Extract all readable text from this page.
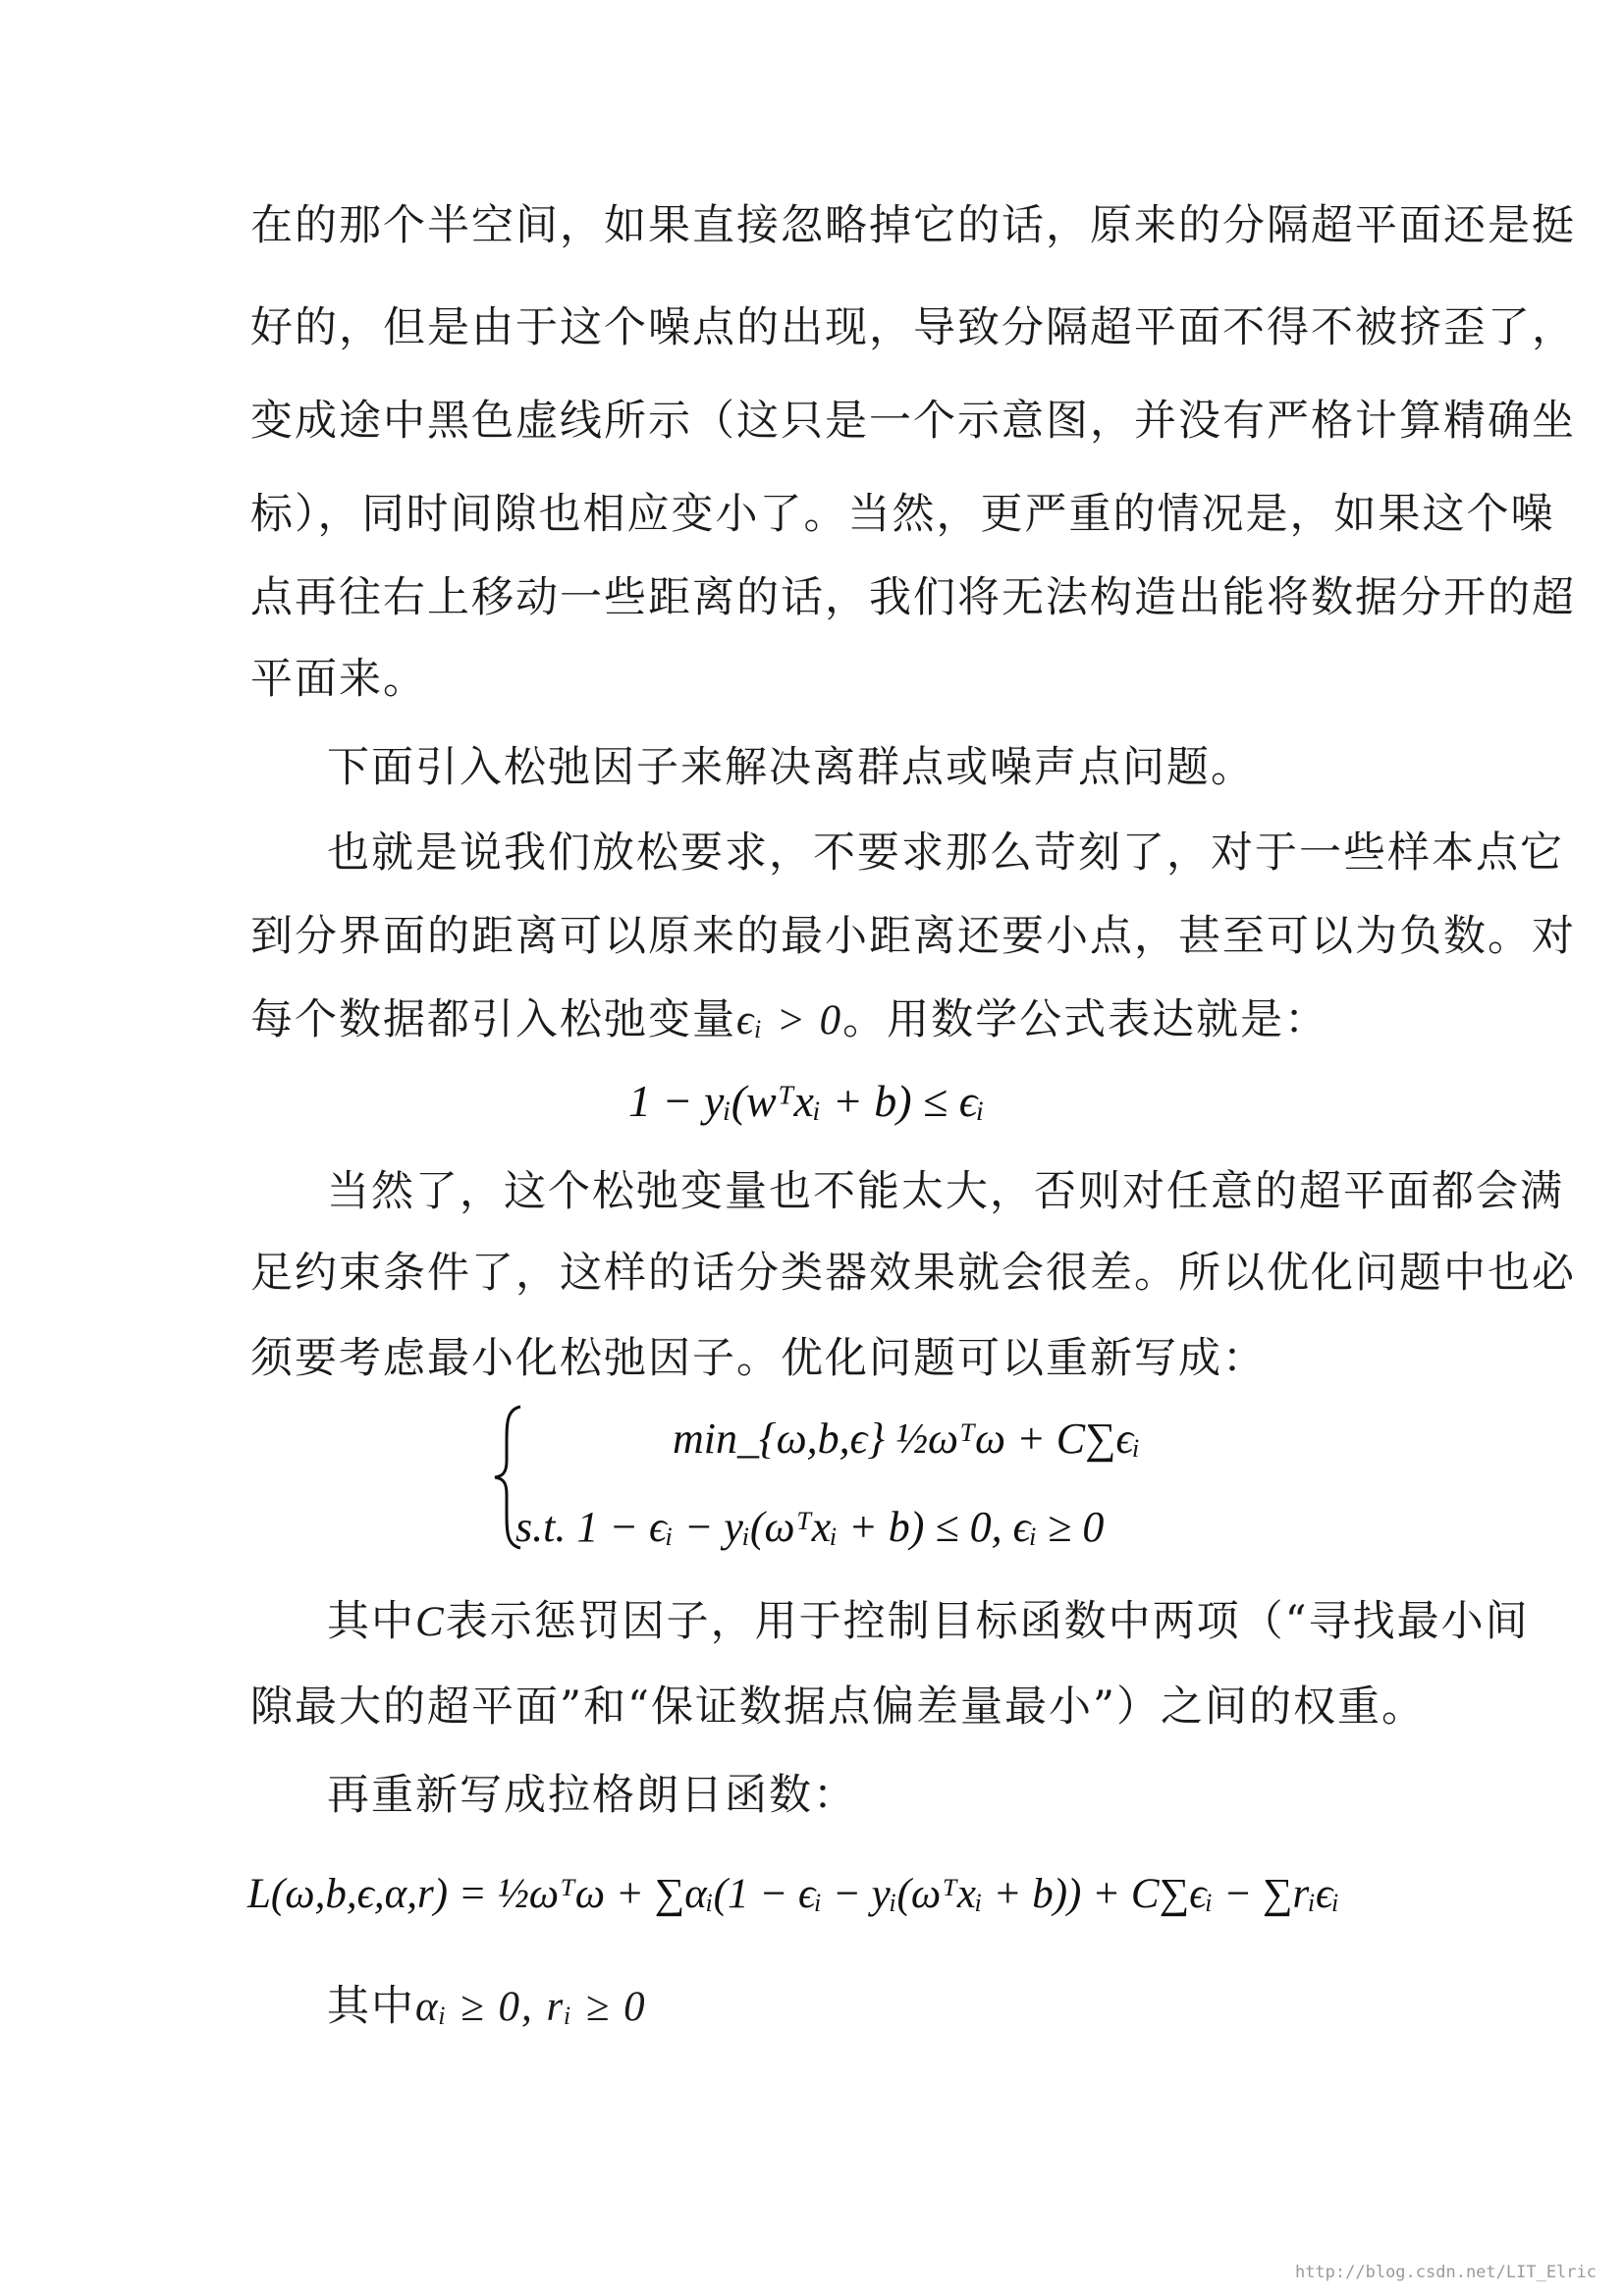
在的那个半空间，如果直接忽略掉它的话，原来的分隔超平面还是挺
好的，但是由于这个噪点的出现，导致分隔超平面不得不被挤歪了，
变成途中黑色虚线所示（这只是一个示意图，并没有严格计算精确坐
标），同时间隙也相应变小了。当然，更严重的情况是，如果这个噪
点再往右上移动一些距离的话，我们将无法构造出能将数据分开的超
平面来。
下面引入松弛因子来解决离群点或噪声点问题。
也就是说我们放松要求，不要求那么苛刻了，对于一些样本点它
到分界面的距离可以原来的最小距离还要小点，甚至可以为负数。对
每个数据都引入松弛变量ϵᵢ > 0。用数学公式表达就是：
1 − yᵢ(wᵀxᵢ + b) ≤ ϵᵢ
当然了，这个松弛变量也不能太大，否则对任意的超平面都会满
足约束条件了，这样的话分类器效果就会很差。所以优化问题中也必
须要考虑最小化松弛因子。优化问题可以重新写成：
min_{ω,b,ϵ} ½ωᵀω + C∑ϵᵢ
s.t. 1 − ϵᵢ − yᵢ(ωᵀxᵢ + b) ≤ 0, ϵᵢ ≥ 0
其中C表示惩罚因子，用于控制目标函数中两项（“寻找最小间
隙最大的超平面”和“保证数据点偏差量最小”）之间的权重。
再重新写成拉格朗日函数：
L(ω,b,ϵ,α,r) = ½ωᵀω + ∑αᵢ(1 − ϵᵢ − yᵢ(ωᵀxᵢ + b)) + C∑ϵᵢ − ∑rᵢϵᵢ
其中αᵢ ≥ 0, rᵢ ≥ 0
http://blog.csdn.net/LIT_Elric
